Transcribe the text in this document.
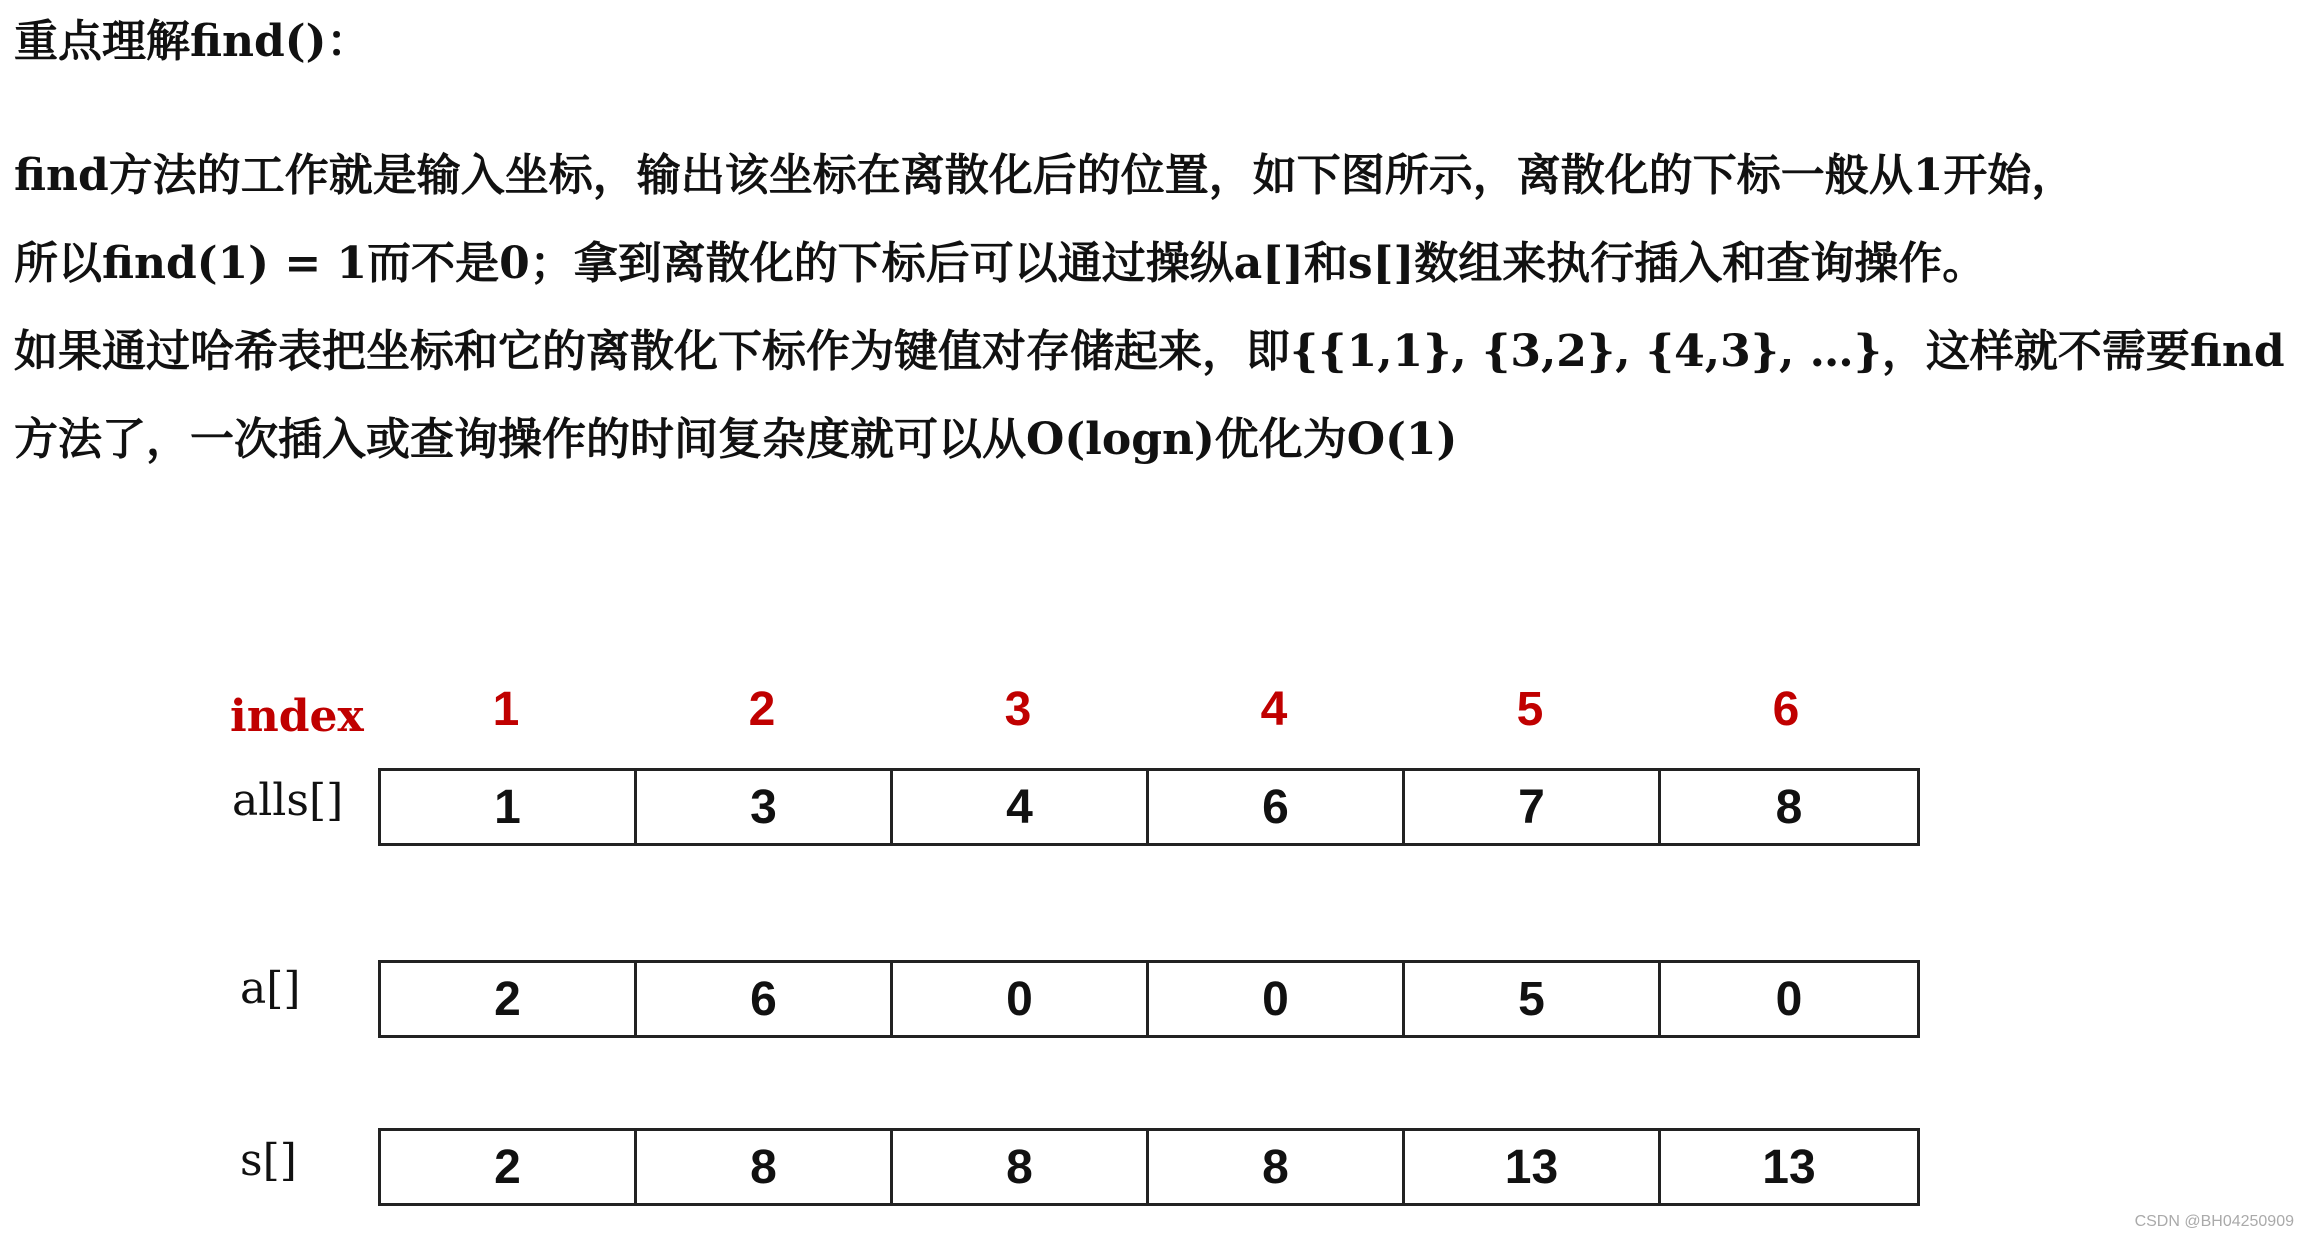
重点理解find()：
find方法的工作就是输入坐标，输出该坐标在离散化后的位置，如下图所示，离散化的下标一般从1开始，
所以find(1) = 1而不是0；拿到离散化的下标后可以通过操纵a[]和s[]数组来执行插入和查询操作。
如果通过哈希表把坐标和它的离散化下标作为键值对存储起来，即{{1,1}, {3,2}, {4,3}, …}，这样就不需要find
方法了，一次插入或查询操作的时间复杂度就可以从O(logn)优化为O(1)
index	1	2	3	4	5	6
alls[]	1	3	4	6	7	8
a[]	2	6	0	0	5	0
s[]	2	8	8	8	13	13
CSDN @BH04250909
